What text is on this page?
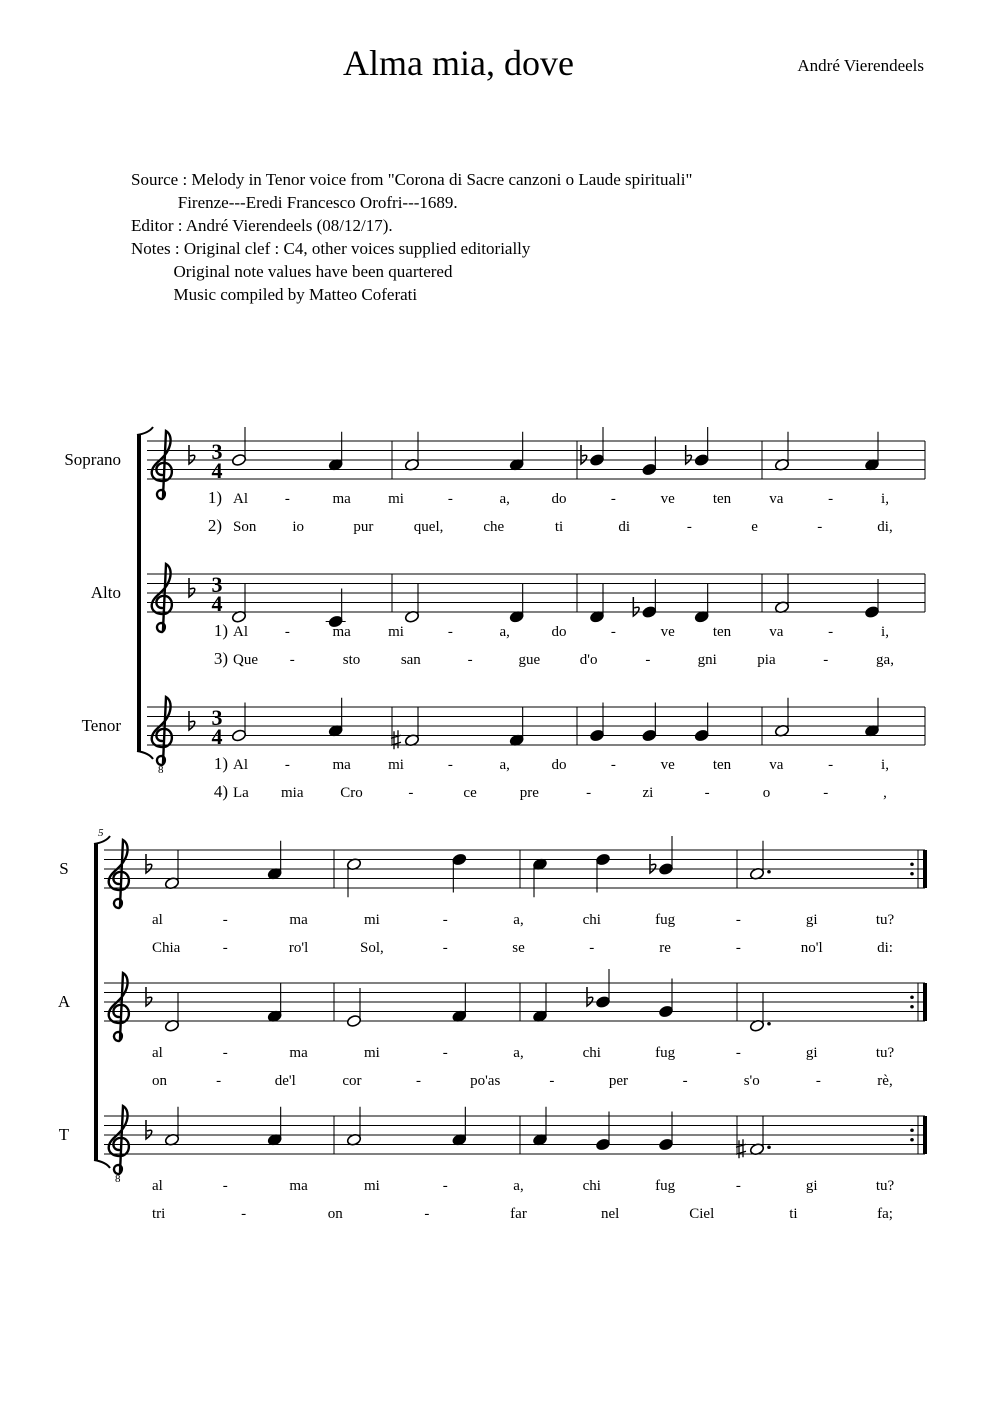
Alma mia, dove	André Vierendeels
Source : Melody in Tenor voice from "Corona di Sacre canzoni o Laude spirituali"
Firenze---Eredi Francesco Orofri---1689.
Editor : André Vierendeels (08/12/17).
Notes : Original clef : C4, other voices supplied editorially
Original note values have been quartered
Music compiled by Matteo Coferati
Soprano	3
4
1) Al -	ma mi	-	a,	do	-	ve	ten	va	-	i,
2) Son io	pur	quel,	che	ti	di	-	e	-	di,
Alto	3
4
1) Al -	ma mi	-	a,	do	-	ve	ten	va	-	i,
3) Que -	sto	san	-	gue	d'o	-	gni	pia	-	ga,
Tenor
8
3
4
1) Al -	ma mi	-	a,	do	-	ve	ten	va	-	i,
4) La mia Cro	-	ce	pre	-	zi	-	o	-	,
5
S
al	-	ma	mi	-	a,	chi	fug	-	gi	tu?
Chia	-	ro'l	Sol,	-	se	-	re	-	no'l	di:
A
al	-	ma	mi	-	a,	chi	fug	-	gi	tu?
on	-	de'l	cor	-	po'as	-	per	-	s'o	-	rè,
T
8 al	-	ma	mi	-	a,	chi	fug	-	gi	tu?
tri	-	on	-	far	nel	Ciel	ti	fa;
